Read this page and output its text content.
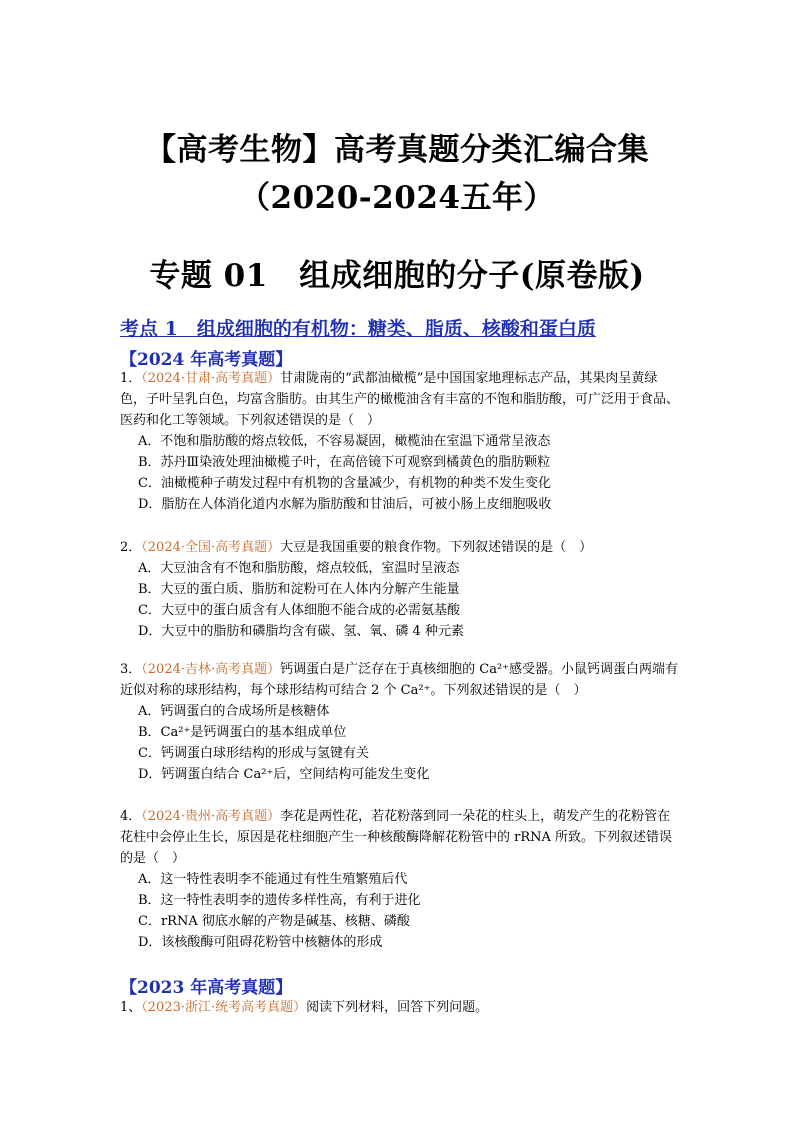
【高考生物】高考真题分类汇编合集
（2020-2024五年）
专题 01　组成细胞的分子(原卷版)
考点 1　组成细胞的有机物：糖类、脂质、核酸和蛋白质
【2024 年高考真题】
1．（2024·甘肃·高考真题）甘肃陇南的“武都油橄榄”是中国国家地理标志产品，其果肉呈黄绿色，子叶呈乳白色，均富含脂肪。由其生产的橄榄油含有丰富的不饱和脂肪酸，可广泛用于食品、医药和化工等领域。下列叙述错误的是（　）
A．不饱和脂肪酸的熔点较低，不容易凝固，橄榄油在室温下通常呈液态
B．苏丹Ⅲ染液处理油橄榄子叶，在高倍镜下可观察到橘黄色的脂肪颗粒
C．油橄榄种子萌发过程中有机物的含量减少，有机物的种类不发生变化
D．脂肪在人体消化道内水解为脂肪酸和甘油后，可被小肠上皮细胞吸收
2．（2024·全国·高考真题）大豆是我国重要的粮食作物。下列叙述错误的是（　）
A．大豆油含有不饱和脂肪酸，熔点较低，室温时呈液态
B．大豆的蛋白质、脂肪和淀粉可在人体内分解产生能量
C．大豆中的蛋白质含有人体细胞不能合成的必需氨基酸
D．大豆中的脂肪和磷脂均含有碳、氢、氧、磷 4 种元素
3．（2024·吉林·高考真题）钙调蛋白是广泛存在于真核细胞的 Ca²⁺感受器。小鼠钙调蛋白两端有近似对称的球形结构，每个球形结构可结合 2 个 Ca²⁺。下列叙述错误的是（　）
A．钙调蛋白的合成场所是核糖体
B．Ca²⁺是钙调蛋白的基本组成单位
C．钙调蛋白球形结构的形成与氢键有关
D．钙调蛋白结合 Ca²⁺后，空间结构可能发生变化
4．（2024·贵州·高考真题）李花是两性花，若花粉落到同一朵花的柱头上，萌发产生的花粉管在花柱中会停止生长，原因是花柱细胞产生一种核酸酶降解花粉管中的 rRNA 所致。下列叙述错误的是（　）
A．这一特性表明李不能通过有性生殖繁殖后代
B．这一特性表明李的遗传多样性高，有利于进化
C．rRNA 彻底水解的产物是碱基、核糖、磷酸
D．该核酸酶可阻碍花粉管中核糖体的形成
【2023 年高考真题】
1、（2023·浙江·统考高考真题）阅读下列材料，回答下列问题。
